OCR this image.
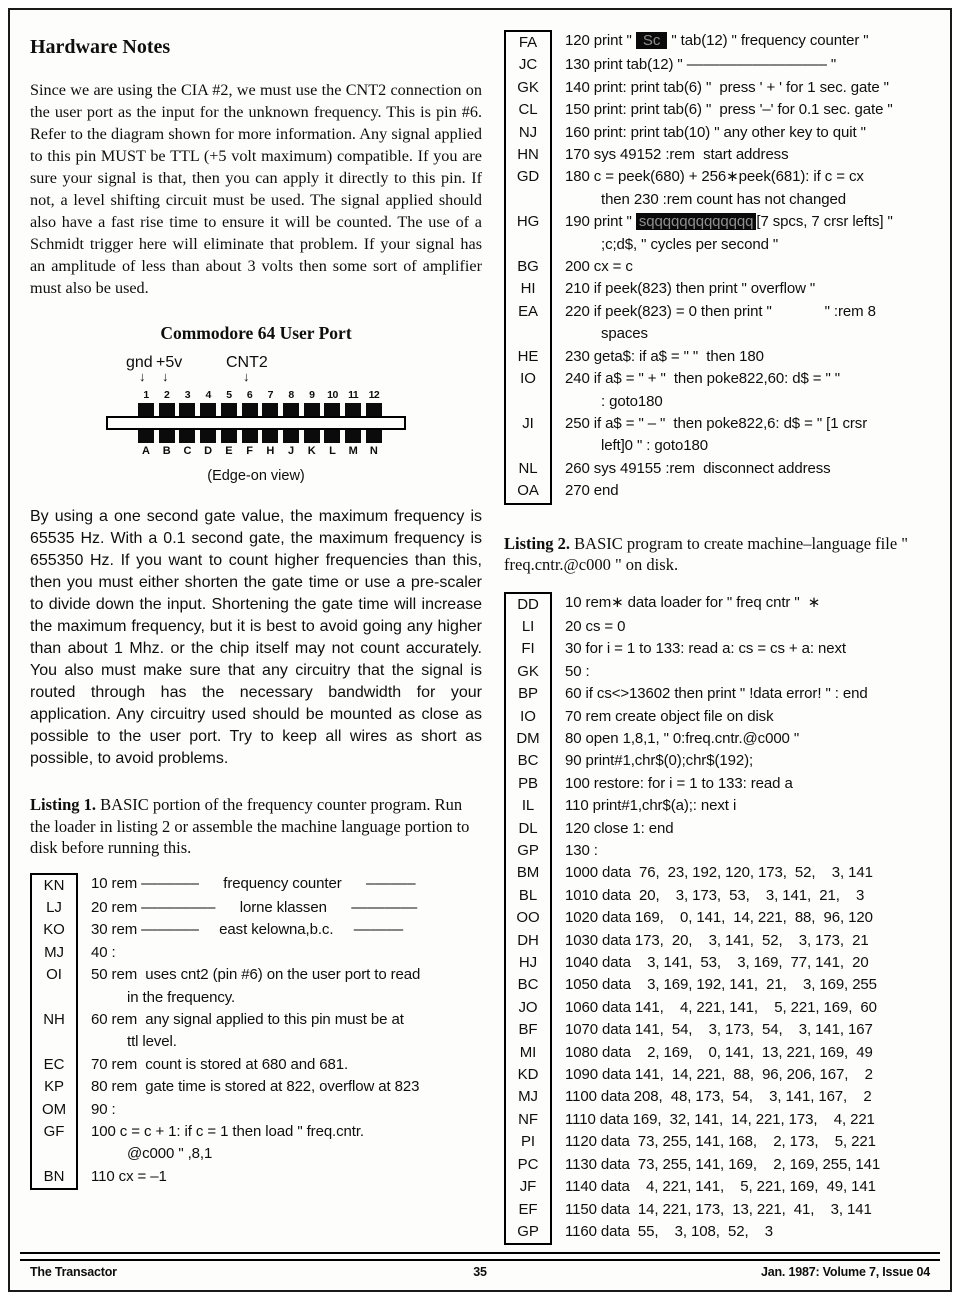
Hardware Notes

Since we are using the CIA #2, we must use the CNT2 connection on the user port as the input for the unknown frequency. This is pin #6. Refer to the diagram shown for more information. Any signal applied to this pin MUST be TTL (+5 volt maximum) compatible. If you are sure your signal is that, then you can apply it directly to this pin. If not, a level shifting circuit must be used. The signal applied should also have a fast rise time to ensure it will be counted. The use of a Schmidt trigger here will eliminate that problem. If your signal has an amplitude of less than about 3 volts then some sort of amplifier must also be used.

Commodore 64 User Port
gnd +5v	CNT2
↓ ↓	↓
1	2	3	4	5	6	7	8	9	10 11 12
A	B	C	D	E	F	H	J	K	L	M	N
(Edge-on view)

By using a one second gate value, the maximum frequency is 65535 Hz. With a 0.1 second gate, the maximum frequency is 655350 Hz. If you want to count higher frequencies than this, then you must either shorten the gate time or use a pre-scaler to divide down the input. Shortening the gate time will increase the maximum frequency, but it is best to avoid going any higher than about 1 Mhz. or the chip itself may not count accurately. You also must make sure that any circuitry that the signal is routed through has the necessary bandwidth for your application. Any circuitry used should be mounted as close as possible to the user port. Try to keep all wires as short as possible, to avoid problems.

Listing 1. BASIC portion of the frequency counter program. Run the loader in listing 2 or assemble the machine language portion to disk before running this.

KN	10 rem –––––––      frequency counter      ––––––
LJ	20 rem –––––––––      lorne klassen      ––––––––
KO	30 rem –––––––     east kelowna,b.c.     ––––––
MJ	40 :
OI	50 rem  uses cnt2 (pin #6) on the user port to read
in the frequency.
NH	60 rem  any signal applied to this pin must be at
ttl level.
EC	70 rem  count is stored at 680 and 681.
KP	80 rem  gate time is stored at 822, overflow at 823
OM	90 :
GF	100 c = c + 1: if c = 1 then load " freq.cntr.
@c000 " ,8,1
BN	110 cx = –1
FA	120 print "  Sc  " tab(12) " frequency counter "
JC	130 print tab(12) " ––––––––––––––––– "
GK	140 print: print tab(6) "  press ' + ' for 1 sec. gate "
CL	150 print: print tab(6) "  press '–' for 0.1 sec. gate "
NJ	160 print: print tab(10) " any other key to quit "
HN	170 sys 49152 :rem  start address
GD	180 c = peek(680) + 256∗peek(681): if c = cx
then 230 :rem count has not changed
HG	190 print " sqqqqqqqqqqqqq [7 spcs, 7 crsr lefts] "
;c;d$, " cycles per second "
BG	200 cx = c
HI	210 if peek(823) then print " overflow "
EA	220 if peek(823) = 0 then print "             " :rem 8
spaces
HE	230 geta$: if a$ = " "  then 180
IO	240 if a$ = " + "  then poke822,60: d$ = " "
: goto180
JI	250 if a$ = " – "  then poke822,6: d$ = " [1 crsr
left]0 " : goto180
NL	260 sys 49155 :rem  disconnect address
OA	270 end

Listing 2. BASIC program to create machine–language file " freq.cntr.@c000 " on disk.

DD	10 rem∗ data loader for " freq cntr "  ∗
LI	20 cs = 0
FI	30 for i = 1 to 133: read a: cs = cs + a: next
GK	50 :
BP	60 if cs<>13602 then print " !data error! " : end
IO	70 rem create object file on disk
DM	80 open 1,8,1, " 0:freq.cntr.@c000 "
BC	90 print#1,chr$(0);chr$(192);
PB	100 restore: for i = 1 to 133: read a
IL	110 print#1,chr$(a);: next i
DL	120 close 1: end
GP	130 :
BM	1000 data  76,  23, 192, 120, 173,  52,    3, 141
BL	1010 data  20,    3, 173,  53,    3, 141,  21,    3
OO	1020 data 169,    0, 141,  14, 221,  88,  96, 120
DH	1030 data 173,  20,    3, 141,  52,    3, 173,  21
HJ	1040 data    3, 141,  53,    3, 169,  77, 141,  20
BC	1050 data    3, 169, 192, 141,  21,    3, 169, 255
JO	1060 data 141,    4, 221, 141,    5, 221, 169,  60
BF	1070 data 141,  54,    3, 173,  54,    3, 141, 167
MI	1080 data    2, 169,    0, 141,  13, 221, 169,  49
KD	1090 data 141,  14, 221,  88,  96, 206, 167,    2
MJ	1100 data 208,  48, 173,  54,    3, 141, 167,    2
NF	1110 data 169,  32, 141,  14, 221, 173,    4, 221
PI	1120 data  73, 255, 141, 168,    2, 173,    5, 221
PC	1130 data  73, 255, 141, 169,    2, 169, 255, 141
JF	1140 data    4, 221, 141,    5, 221, 169,  49, 141
EF	1150 data  14, 221, 173,  13, 221,  41,    3, 141
GP	1160 data  55,    3, 108,  52,    3
The Transactor	35	Jan. 1987: Volume 7, Issue 04
